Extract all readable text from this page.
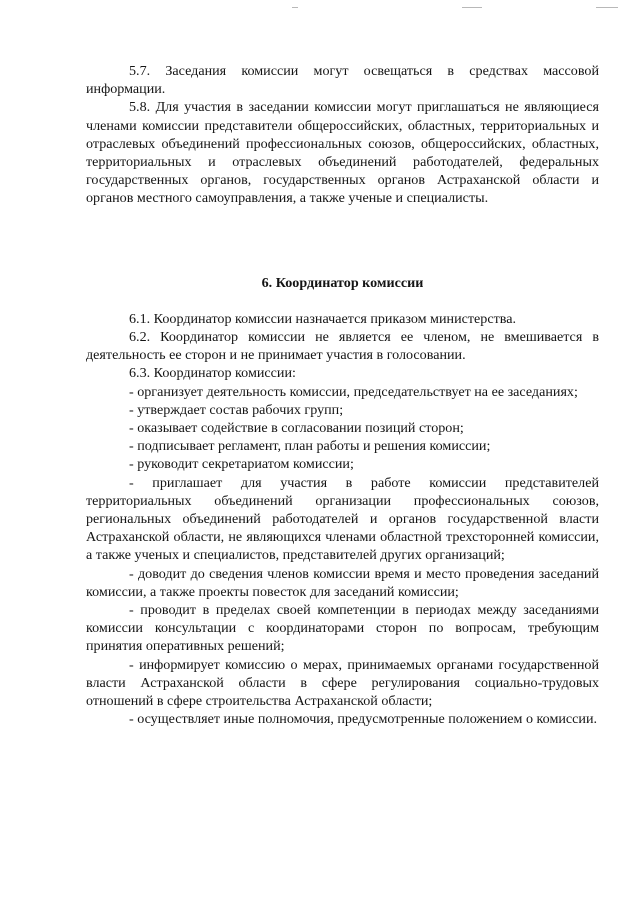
5.7. Заседания комиссии могут освещаться в средствах массовой информации.

5.8. Для участия в заседании комиссии могут приглашаться не являющиеся членами комиссии представители общероссийских, областных, территориальных и отраслевых объединений профессиональных союзов, общероссийских, областных, территориальных и отраслевых объединений работодателей, федеральных государственных органов, государственных органов Астраханской области и органов местного самоуправления, а также ученые и специалисты.

6. Координатор комиссии

6.1. Координатор комиссии назначается приказом министерства.

6.2. Координатор комиссии не является ее членом, не вмешивается в деятельность ее сторон и не принимает участия в голосовании.

6.3. Координатор комиссии:

- организует деятельность комиссии, председательствует на ее заседаниях;

- утверждает состав рабочих групп;

- оказывает содействие в согласовании позиций сторон;

- подписывает регламент, план работы и решения комиссии;

- руководит секретариатом комиссии;

- приглашает для участия в работе комиссии представителей территориальных объединений организации профессиональных союзов, региональных объединений работодателей и органов государственной власти Астраханской области, не являющихся членами областной трехсторонней комиссии, а также ученых и специалистов, представителей других организаций;

- доводит до сведения членов комиссии время и место проведения заседаний комиссии, а также проекты повесток для заседаний комиссии;

- проводит в пределах своей компетенции в периодах между заседаниями комиссии консультации с координаторами сторон по вопросам, требующим принятия оперативных решений;

- информирует комиссию о мерах, принимаемых органами государственной власти Астраханской области в сфере регулирования социально-трудовых отношений в сфере строительства Астраханской области;

- осуществляет иные полномочия, предусмотренные положением о комиссии.
